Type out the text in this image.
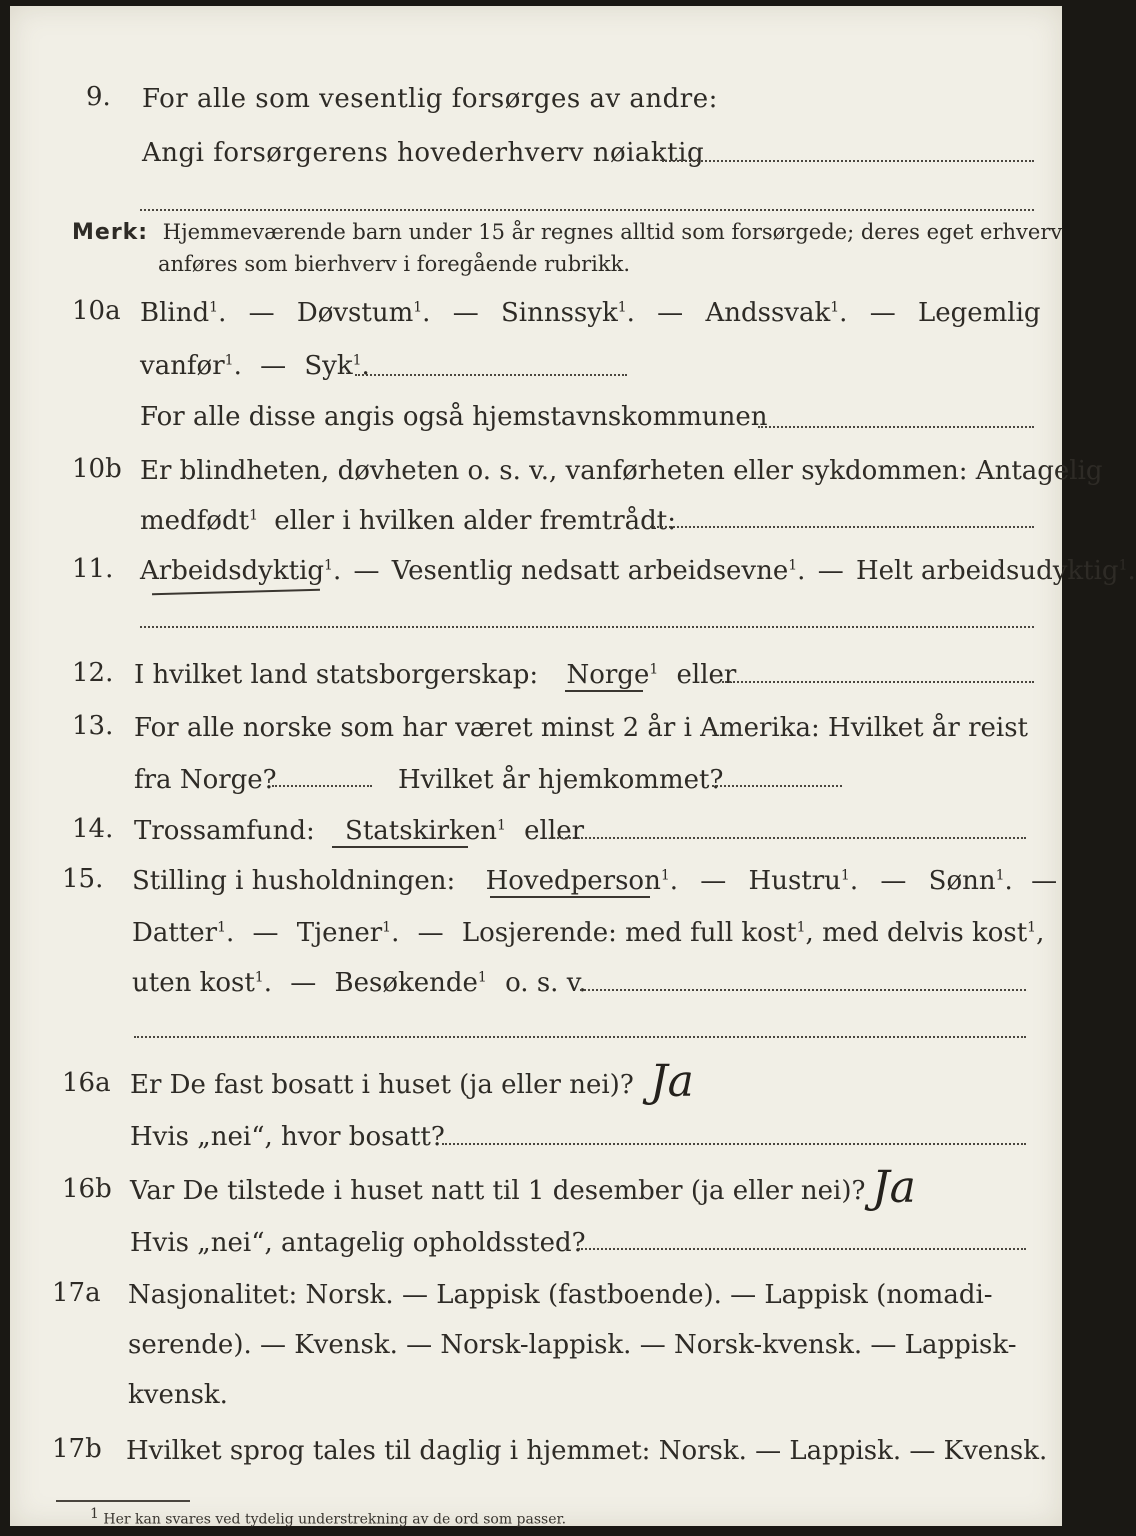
9. For alle som vesentlig forsørges av andre:
Angi forsørgerens hovederhverv nøiaktig
Merk: Hjemmeværende barn under 15 år regnes alltid som forsørgede; deres eget erhverv
anføres som bierhverv i foregående rubrikk.
10a Blind$^1$. — Døvstum$^1$. — Sinnssyk$^1$. — Andssvak$^1$. — Legemlig
vanfør$^1$. — Syk$^1$.
For alle disse angis også hjemstavnskommunen
10b Er blindheten, døvheten o. s. v., vanførheten eller sykdommen: Antagelig
medfødt$^1$ eller i hvilken alder fremtrådt:
11. Arbeidsdyktig$^1$. — Vesentlig nedsatt arbeidsevne$^1$. — Helt arbeidsudyktig$^1$.
12. I hvilket land statsborgerskap: Norge$^1$ eller
13. For alle norske som har været minst 2 år i Amerika: Hvilket år reist
fra Norge?	Hvilket år hjemkommet?
14. Trossamfund: Statskirken$^1$ eller
15. Stilling i husholdningen: Hovedperson$^1$. — Hustru$^1$. — Sønn$^1$. —
Datter$^1$. — Tjener$^1$. — Losjerende: med full kost$^1$, med delvis kost$^1$,
uten kost$^1$. — Besøkende$^1$ o. s. v.
16a Er De fast bosatt i huset (ja eller nei)? Ja
Hvis „nei“, hvor bosatt?
16b Var De tilstede i huset natt til 1 desember (ja eller nei)? Ja
Hvis „nei“, antagelig opholdssted?
17a Nasjonalitet: Norsk. — Lappisk (fastboende). — Lappisk (nomadi-
serende). — Kvensk. — Norsk-lappisk. — Norsk-kvensk. — Lappisk-
kvensk.
17b Hvilket sprog tales til daglig i hjemmet: Norsk. — Lappisk. — Kvensk.
1 Her kan svares ved tydelig understrekning av de ord som passer.
